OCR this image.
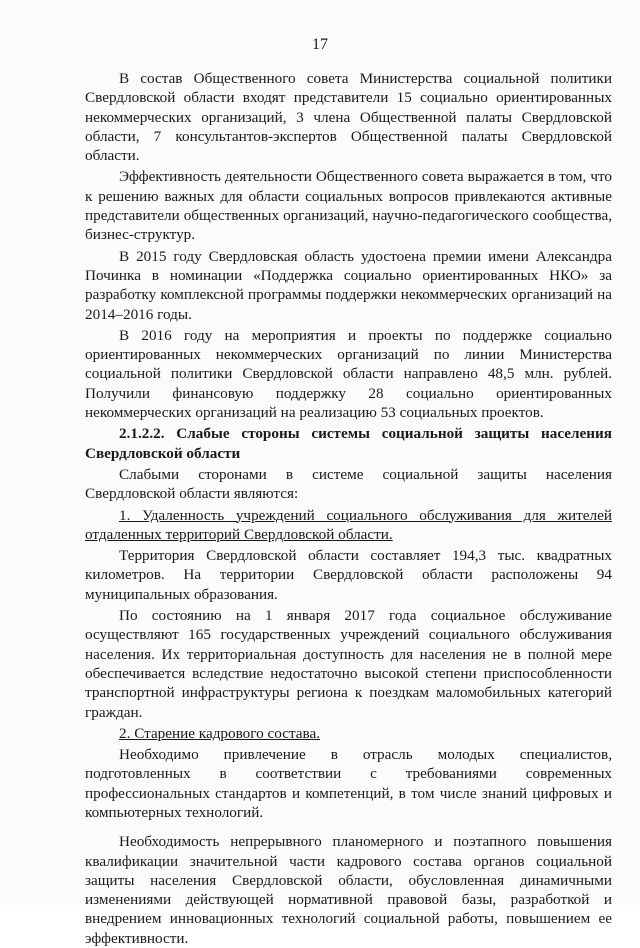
17

В состав Общественного совета Министерства социальной политики Свердловской области входят представители 15 социально ориентированных некоммерческих организаций, 3 члена Общественной палаты Свердловской области, 7 консультантов-экспертов Общественной палаты Свердловской области.

Эффективность деятельности Общественного совета выражается в том, что к решению важных для области социальных вопросов привлекаются активные представители общественных организаций, научно-педагогического сообщества, бизнес-структур.

В 2015 году Свердловская область удостоена премии имени Александра Починка в номинации «Поддержка социально ориентированных НКО» за разработку комплексной программы поддержки некоммерческих организаций на 2014–2016 годы.

В 2016 году на мероприятия и проекты по поддержке социально ориентированных некоммерческих организаций по линии Министерства социальной политики Свердловской области направлено 48,5 млн. рублей. Получили финансовую поддержку 28 социально ориентированных некоммерческих организаций на реализацию 53 социальных проектов.

2.1.2.2. Слабые стороны системы социальной защиты населения Свердловской области

Слабыми сторонами в системе социальной защиты населения Свердловской области являются:

1. Удаленность учреждений социального обслуживания для жителей отдаленных территорий Свердловской области.

Территория Свердловской области составляет 194,3 тыс. квадратных километров. На территории Свердловской области расположены 94 муниципальных образования.

По состоянию на 1 января 2017 года социальное обслуживание осуществляют 165 государственных учреждений социального обслуживания населения. Их территориальная доступность для населения не в полной мере обеспечивается вследствие недостаточно высокой степени приспособленности транспортной инфраструктуры региона к поездкам маломобильных категорий граждан.

2. Старение кадрового состава.

Необходимо привлечение в отрасль молодых специалистов, подготовленных в соответствии с требованиями современных профессиональных стандартов и компетенций, в том числе знаний цифровых и компьютерных технологий.

Необходимость непрерывного планомерного и поэтапного повышения квалификации значительной части кадрового состава органов социальной защиты населения Свердловской области, обусловленная динамичными изменениями действующей нормативной правовой базы, разработкой и внедрением инновационных технологий социальной работы, повышением ее эффективности.
